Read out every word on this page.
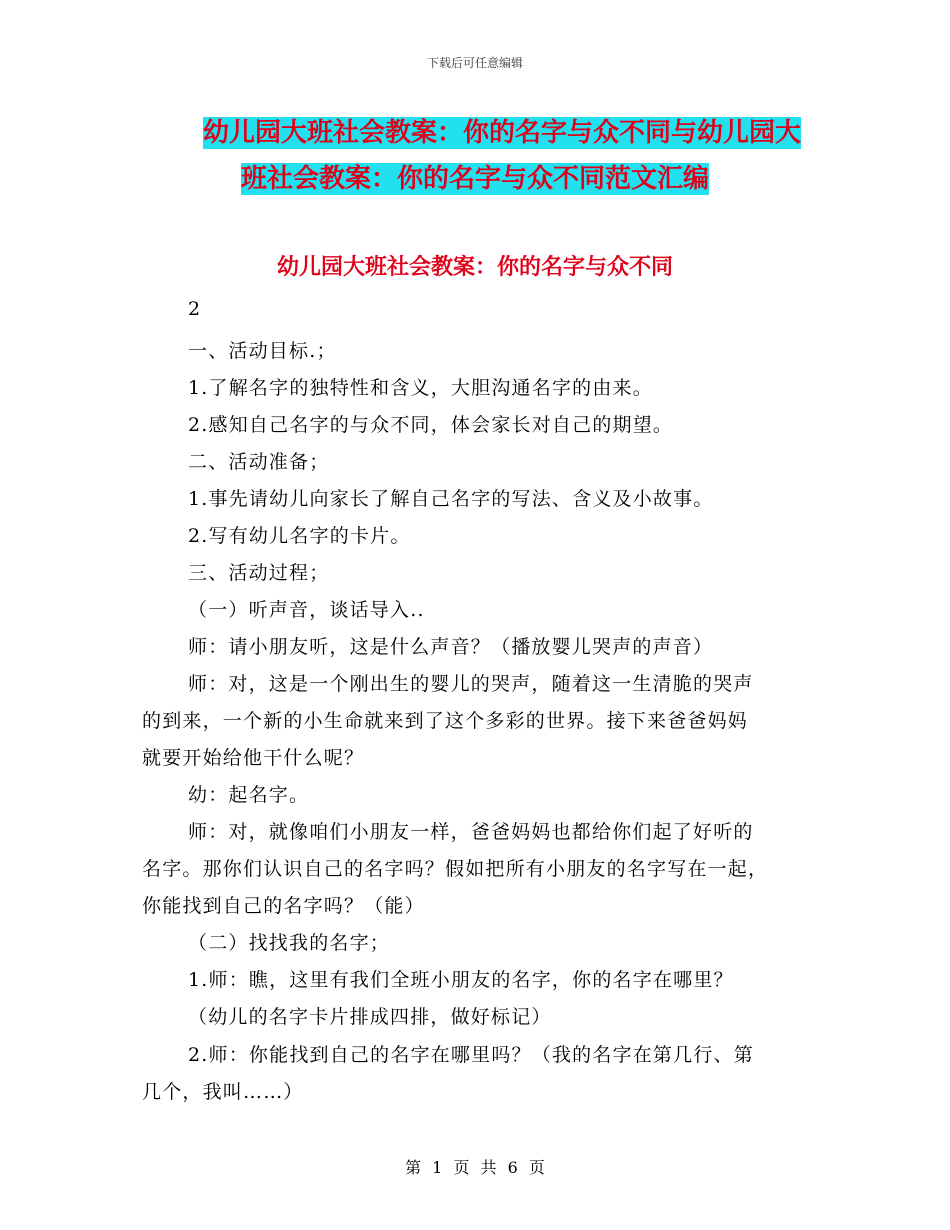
下载后可任意编辑
幼儿园大班社会教案：你的名字与众不同与幼儿园大
班社会教案：你的名字与众不同范文汇编
幼儿园大班社会教案：你的名字与众不同
2
一、活动目标.；
1.了解名字的独特性和含义，大胆沟通名字的由来。
2.感知自己名字的与众不同，体会家长对自己的期望。
二、活动准备；
1.事先请幼儿向家长了解自己名字的写法、含义及小故事。
2.写有幼儿名字的卡片。
三、活动过程；
（一）听声音，谈话导入..
师：请小朋友听，这是什么声音？（播放婴儿哭声的声音）
师：对，这是一个刚出生的婴儿的哭声，随着这一生清脆的哭声
的到来，一个新的小生命就来到了这个多彩的世界。接下来爸爸妈妈
就要开始给他干什么呢？
幼：起名字。
师：对，就像咱们小朋友一样，爸爸妈妈也都给你们起了好听的
名字。那你们认识自己的名字吗？假如把所有小朋友的名字写在一起，
你能找到自己的名字吗？（能）
（二）找找我的名字；
1.师：瞧，这里有我们全班小朋友的名字，你的名字在哪里？
（幼儿的名字卡片排成四排，做好标记）
2.师：你能找到自己的名字在哪里吗？（我的名字在第几行、第
几个，我叫……）
第 1 页 共 6 页
